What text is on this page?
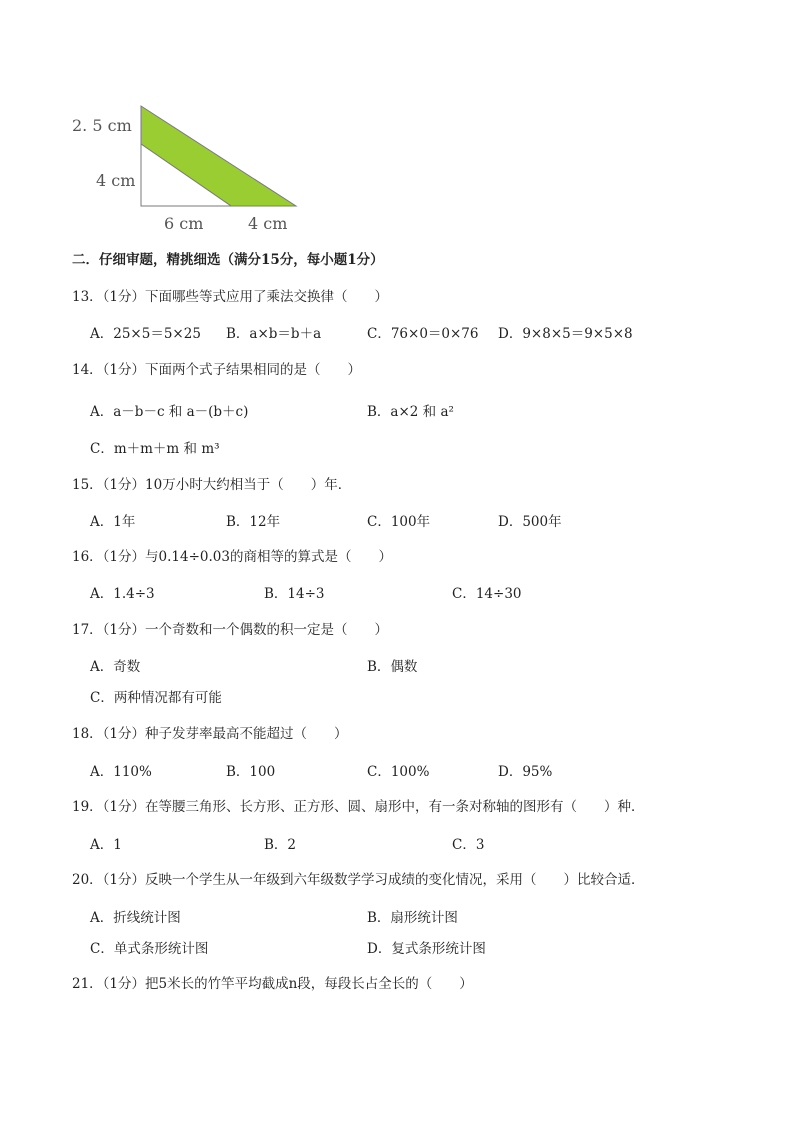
2. 5 cm
4 cm
6 cm	4 cm
二．仔细审题，精挑细选（满分15分，每小题1分）
13．（1分）下面哪些等式应用了乘法交换律（　　）
A．25×5＝5×25 B．a×b＝b＋a	C．76×0＝0×76 D．9×8×5＝9×5×8
14．（1分）下面两个式子结果相同的是（　　）
A．a－b－c 和 a－(b＋c)	B．a×2 和 a²
C．m＋m＋m 和 m³
15．（1分）10万小时大约相当于（　　）年．
A．1年	B．12年	C．100年	D．500年
16．（1分）与0.14÷0.03的商相等的算式是（　　）
A．1.4÷3	B．14÷3	C．14÷30
17．（1分）一个奇数和一个偶数的积一定是（　　）
A．奇数	B．偶数
C．两种情况都有可能
18．（1分）种子发芽率最高不能超过（　　）
A．110%	B．100	C．100%	D．95%
19．（1分）在等腰三角形、长方形、正方形、圆、扇形中，有一条对称轴的图形有（　　）种．
A．1	B．2	C．3
20．（1分）反映一个学生从一年级到六年级数学学习成绩的变化情况，采用（　　）比较合适．
A．折线统计图	B．扇形统计图
C．单式条形统计图	D．复式条形统计图
21．（1分）把5米长的竹竿平均截成n段，每段长占全长的（　　）
